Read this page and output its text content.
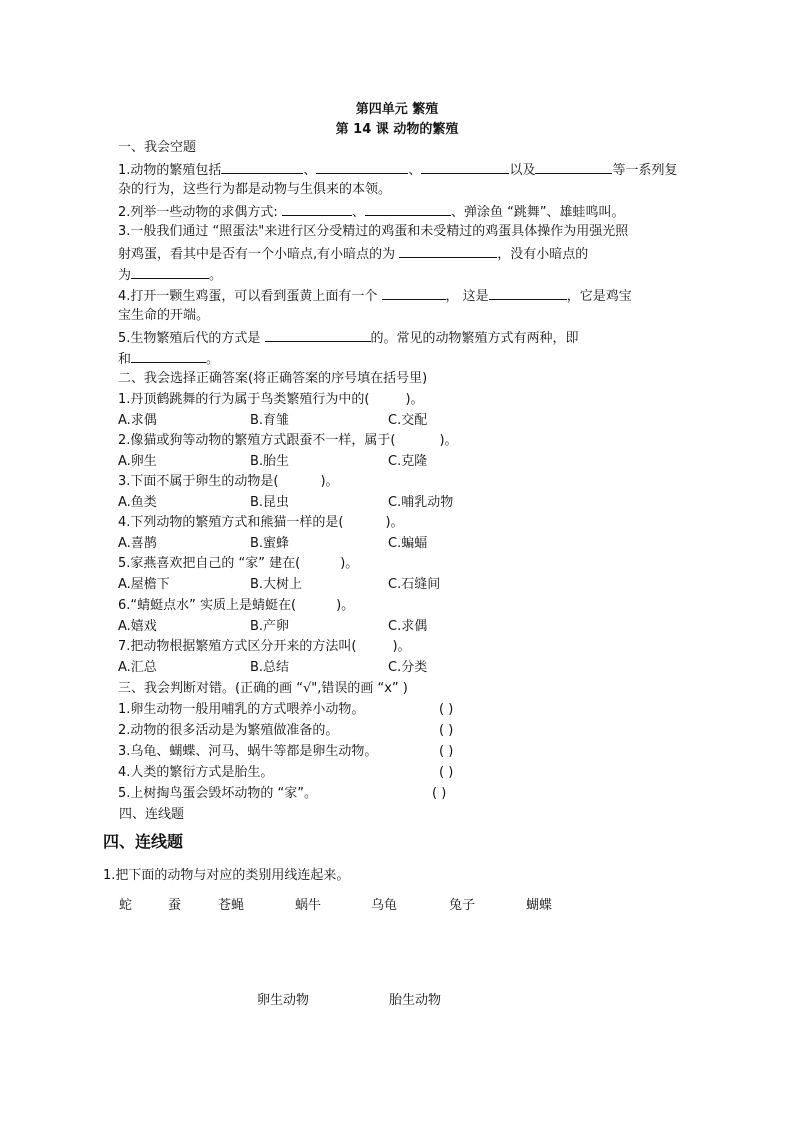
第四单元 繁殖
第 14 课 动物的繁殖
一、我会空题
1.动物的繁殖包括	、	、	以及	等一系列复
杂的行为，这些行为都是动物与生俱来的本领。
2.列举一些动物的求偶方式:	、	、弹涂鱼 “跳舞”、雄蛙鸣叫。
3.一般我们通过 “照蛋法"来进行区分受精过的鸡蛋和未受精过的鸡蛋具体操作为用强光照
射鸡蛋，看其中是否有一个小暗点,有小暗点的为	，没有小暗点的
为	。
4.打开一颗生鸡蛋，可以看到蛋黄上面有一个	， 这是	，它是鸡宝
宝生命的开端。
5.生物繁殖后代的方式是	的。常见的动物繁殖方式有两种，即
和	。
二、我会选择正确答案(将正确答案的序号填在括号里)
1.丹顶鹤跳舞的行为属于鸟类繁殖行为中的(	)。
A.求偶	B.育雏	C.交配
2.像猫或狗等动物的繁殖方式跟蚕不一样，属于(	)。
A.卵生	B.胎生	C.克隆
3.下面不属于卵生的动物是(	)。
A.鱼类	B.昆虫	C.哺乳动物
4.下列动物的繁殖方式和熊猫一样的是(	)。
A.喜鹊	B.蜜蜂	C.蝙蝠
5.家燕喜欢把自己的 “家” 建在(	)。
A.屋檐下	B.大树上	C.石缝间
6.“蜻蜓点水” 实质上是蜻蜓在(	)。
A.嬉戏	B.产卵	C.求偶
7.把动物根据繁殖方式区分开来的方法叫(	)。
A.汇总	B.总结	C.分类
三、我会判断对错。(正确的画 “√",错误的画 “x” )
1.卵生动物一般用哺乳的方式喂养小动物。	( )
2.动物的很多活动是为繁殖做准备的。	( )
3.乌龟、蝴蝶、河马、蜗牛等都是卵生动物。	( )
4.人类的繁衍方式是胎生。	( )
5.上树掏鸟蛋会毁坏动物的 “家”。	( )
四、连线题
四、连线题
1.把下面的动物与对应的类别用线连起来。
蛇	蚕	苍蝇	蜗牛	乌龟	兔子	蝴蝶
卵生动物	胎生动物
